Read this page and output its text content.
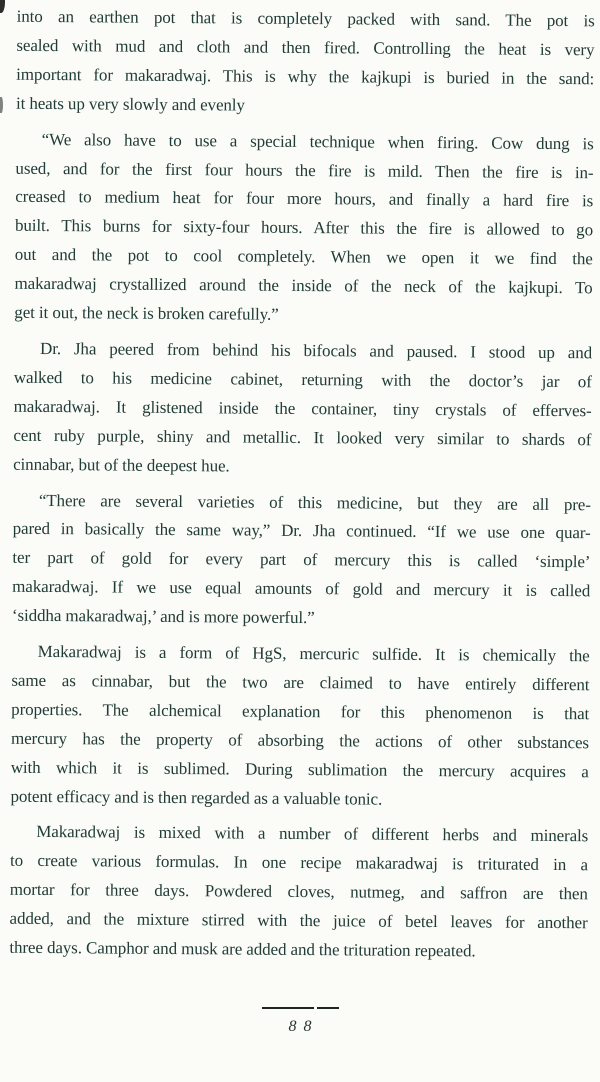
into an earthen pot that is completely packed with sand. The pot is
sealed with mud and cloth and then fired. Controlling the heat is very
important for makaradwaj. This is why the kajkupi is buried in the sand:
it heats up very slowly and evenly
“We also have to use a special technique when firing. Cow dung is
used, and for the first four hours the fire is mild. Then the fire is in-
creased to medium heat for four more hours, and finally a hard fire is
built. This burns for sixty-four hours. After this the fire is allowed to go
out and the pot to cool completely. When we open it we find the
makaradwaj crystallized around the inside of the neck of the kajkupi. To
get it out, the neck is broken carefully.”
Dr. Jha peered from behind his bifocals and paused. I stood up and
walked to his medicine cabinet, returning with the doctor’s jar of
makaradwaj. It glistened inside the container, tiny crystals of efferves-
cent ruby purple, shiny and metallic. It looked very similar to shards of
cinnabar, but of the deepest hue.
“There are several varieties of this medicine, but they are all pre-
pared in basically the same way,” Dr. Jha continued. “If we use one quar-
ter part of gold for every part of mercury this is called ‘simple’
makaradwaj. If we use equal amounts of gold and mercury it is called
‘siddha makaradwaj,’ and is more powerful.”
Makaradwaj is a form of HgS, mercuric sulfide. It is chemically the
same as cinnabar, but the two are claimed to have entirely different
properties. The alchemical explanation for this phenomenon is that
mercury has the property of absorbing the actions of other substances
with which it is sublimed. During sublimation the mercury acquires a
potent efficacy and is then regarded as a valuable tonic.
Makaradwaj is mixed with a number of different herbs and minerals
to create various formulas. In one recipe makaradwaj is triturated in a
mortar for three days. Powdered cloves, nutmeg, and saffron are then
added, and the mixture stirred with the juice of betel leaves for another
three days. Camphor and musk are added and the trituration repeated.
88
